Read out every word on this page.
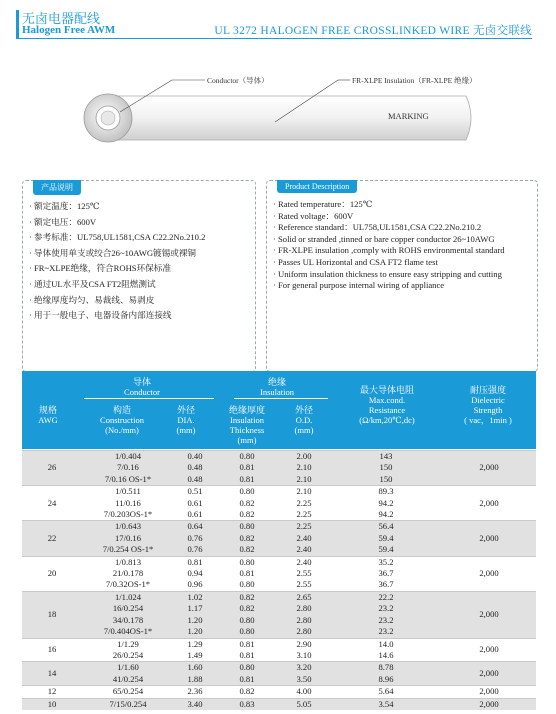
无卤电器配线
Halogen Free AWM	UL 3272 HALOGEN FREE CROSSLINKED WIRE 无卤交联线
Conductor（导体）	FR-XLPE Insulation（FR-XLPE 绝缘）
MARKING
产品说明
· 额定温度：125℃
· 额定电压：600V
· 参考标准：UL758,UL1581,CSA C22.2No.210.2
· 导体使用单支或绞合26~10AWG镀锡或裸铜
· FR~XLPE绝缘，符合ROHS环保标准
· 通过UL水平及CSA FT2阻燃测试
· 绝缘厚度均匀、易裁线、易剥皮
· 用于一般电子、电器设备内部连接线
Product Description
· Rated temperature：125℃
· Rated voltage：600V
· Reference standard：UL758,UL1581,CSA C22.2No.210.2
· Solid or stranded ,tinned or bare copper conductor 26~10AWG
· FR-XLPE insulation ,comply with ROHS environmental standard
· Passes UL Horizontal and CSA FT2 flame test
· Uniform insulation thickness to ensure easy stripping and cutting
· For general purpose internal wiring of appliance
导体
Conductor
绝缘
Insulation
规格
AWG
构造
Construction
(No./mm)
外径
DIA.
(mm)
绝缘厚度
Insulation
Thickness
(mm)
外径
O.D.
(mm)
最大导体电阻
Max.cond.
Resistance
(Ω/km,20℃,dc)
耐压强度
Dielectric
Strength
( vac，1min )
26	1/0.404	0.40	0.80	2.00	143	2,000
	7/0.16	0.48	0.81	2.10	150	
	7/0.16 OS-1*	0.48	0.81	2.10	150	
24	1/0.511	0.51	0.80	2.10	89.3	2,000
	11/0.16	0.61	0.82	2.25	94.2	
	7/0.203OS-1*	0.61	0.82	2.25	94.2	
22	1/0.643	0.64	0.80	2.25	56.4	2,000
	17/0.16	0.76	0.82	2.40	59.4	
	7/0.254 OS-1*	0.76	0.82	2.40	59.4	
20	1/0.813	0.81	0.80	2.40	35.2	2,000
	21/0.178	0.94	0.81	2.55	36.7	
	7/0.32OS-1*	0.96	0.80	2.55	36.7	
18	1/1.024	1.02	0.82	2.65	22.2	2,000
	16/0.254	1.17	0.82	2.80	23.2	
	34/0.178	1.20	0.80	2.80	23.2	
	7/0.404OS-1*	1.20	0.80	2.80	23.2	
16	1/1.29	1.29	0.81	2.90	14.0	2,000
	26/0.254	1.49	0.81	3.10	14.6	
14	1/1.60	1.60	0.80	3.20	8.78	2,000
	41/0.254	1.88	0.81	3.50	8.96	
12	65/0.254	2.36	0.82	4.00	5.64	2,000
10	7/15/0.254	3.40	0.83	5.05	3.54	2,000
